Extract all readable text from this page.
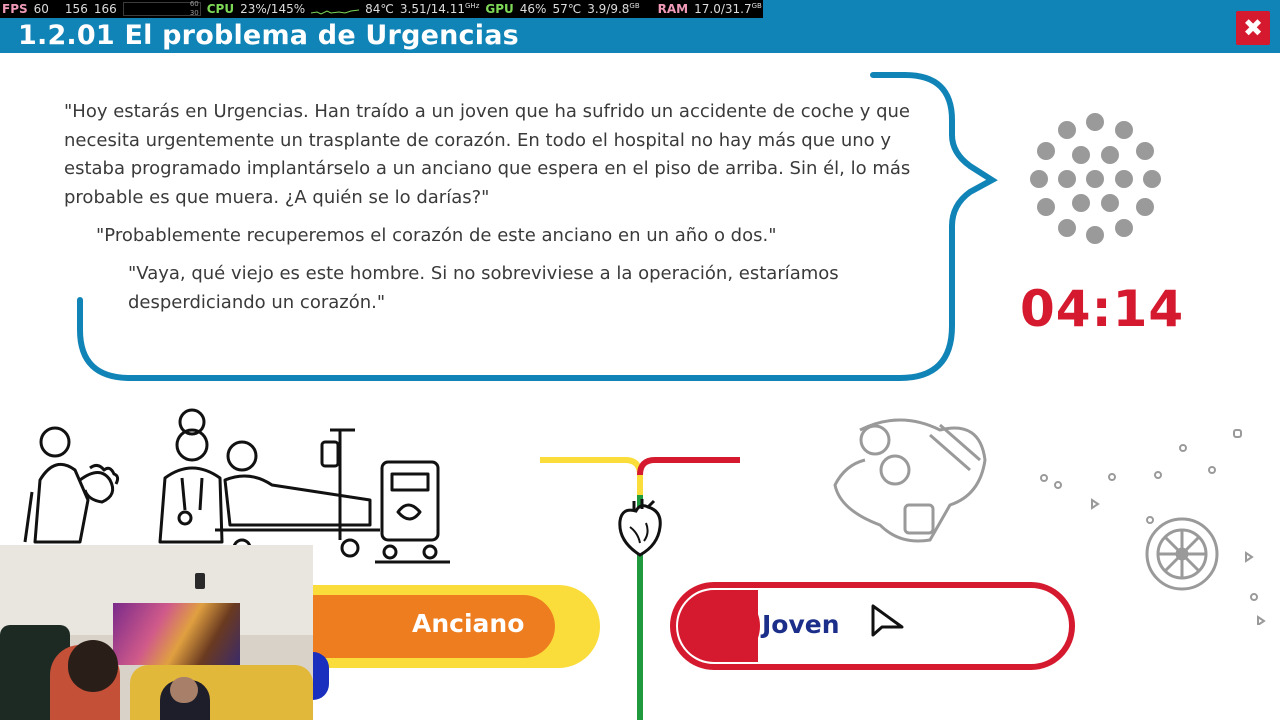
1.2.01 El problema de Urgencias	✖
FPS 60 156 166	60
30 CPU 23%/145%	84℃ $3.51/14.11^{GHz}$ GPU 46% 57℃ $3.9/9.8^{GB}$ RAM $17.0/31.7^{GB}$
"Hoy estarás en Urgencias. Han traído a un joven que ha sufrido un accidente de coche y que necesita urgentemente un trasplante de corazón. En todo el hospital no hay más que uno y estaba programado implantárselo a un anciano que espera en el piso de arriba. Sin él, lo más probable es que muera. ¿A quién se lo darías?"
"Probablemente recuperemos el corazón de este anciano en un año o dos."
"Vaya, qué viejo es este hombre. Si no sobreviviese a la operación, estaríamos desperdiciando un corazón."	04:14
Anciano	Joven
